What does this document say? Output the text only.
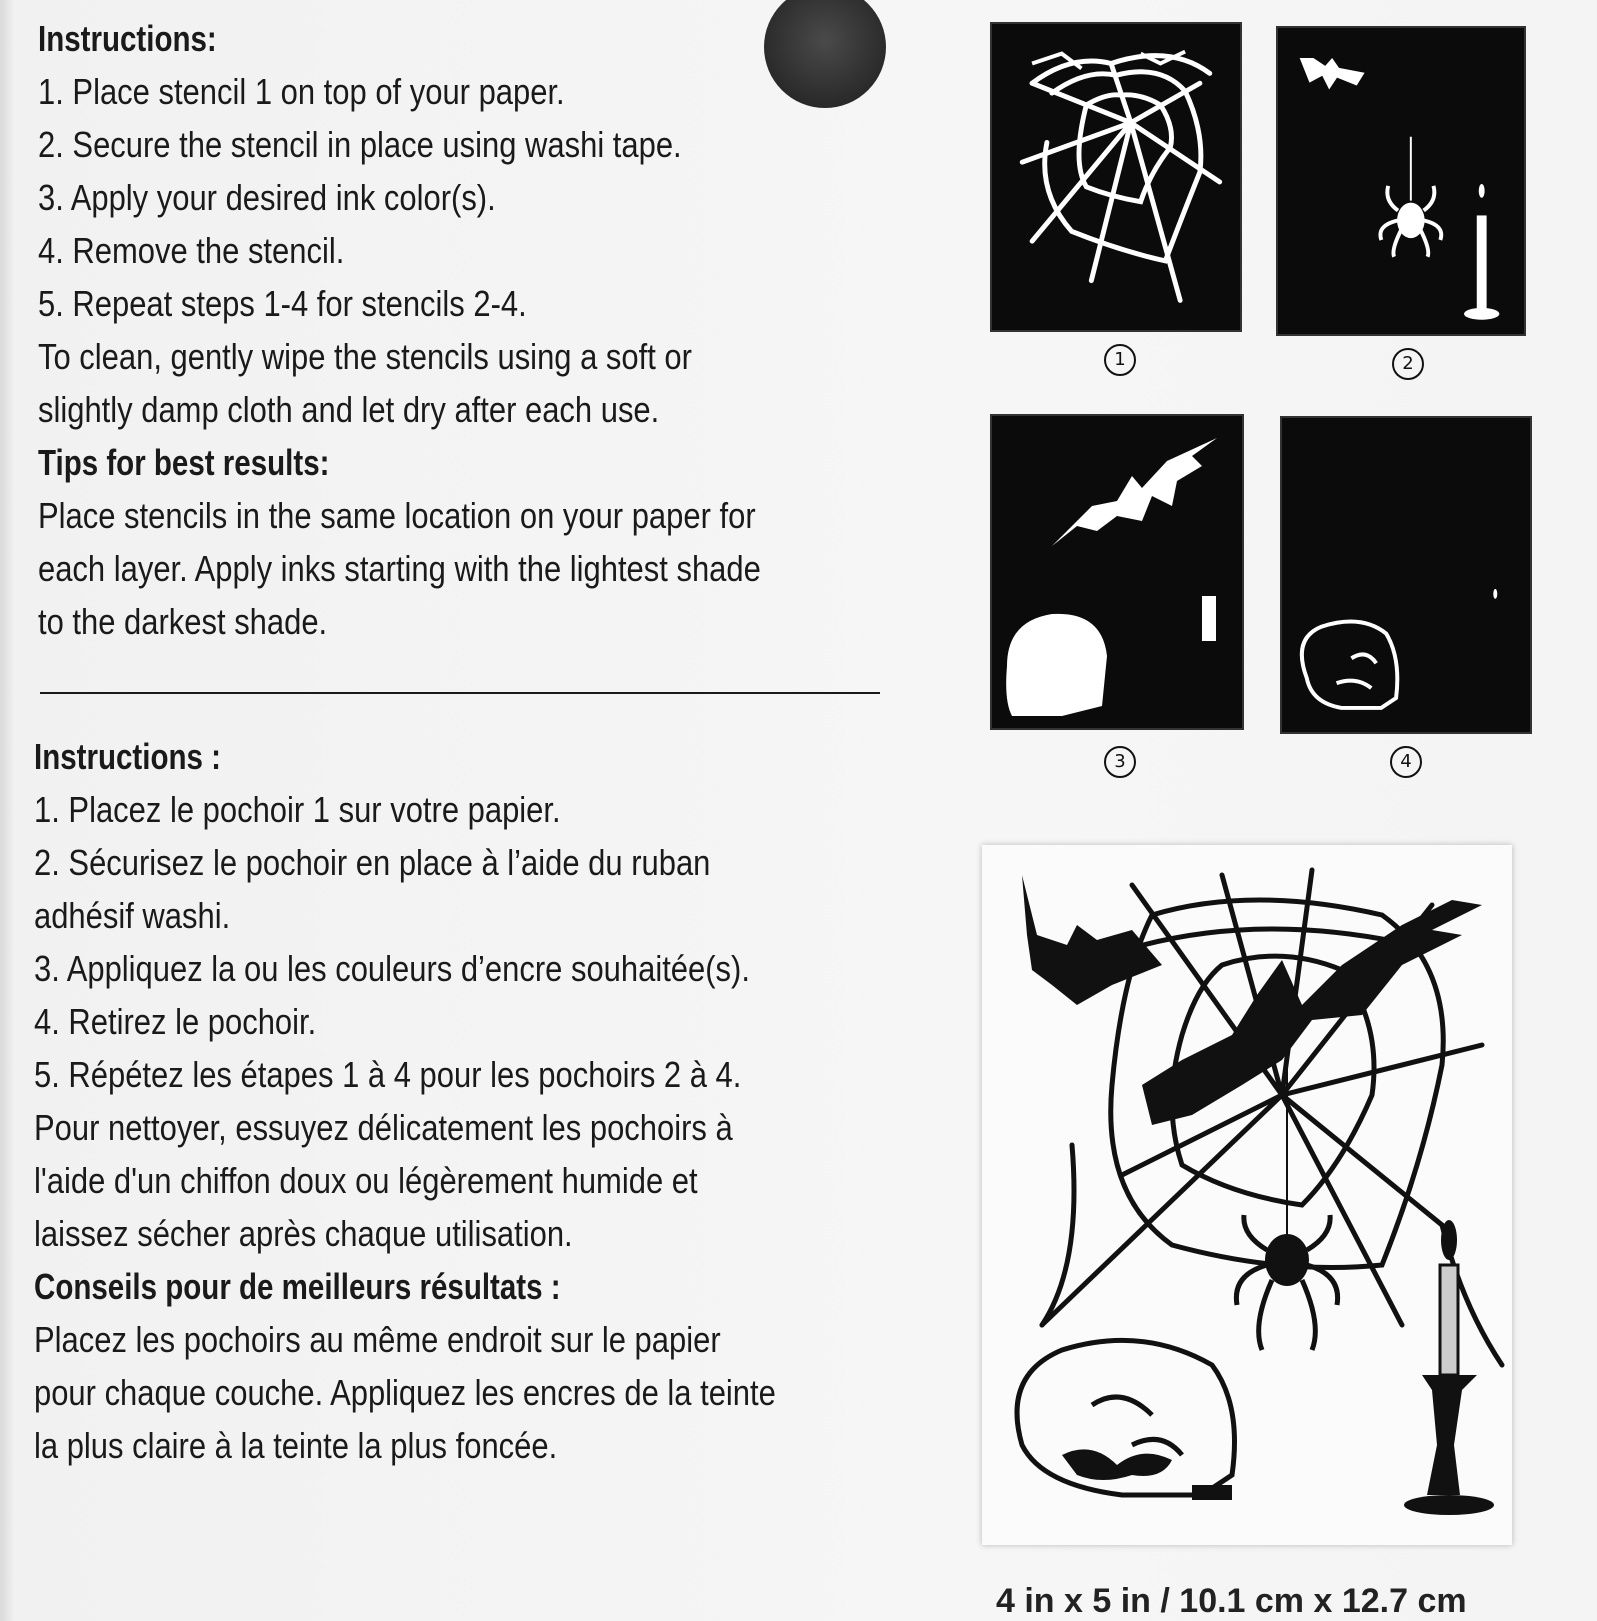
Instructions:

1. Place stencil 1 on top of your paper.

2. Secure the stencil in place using washi tape.

3. Apply your desired ink color(s).

4. Remove the stencil.

5. Repeat steps 1-4 for stencils 2-4.

To clean, gently wipe the stencils using a soft or

slightly damp cloth and let dry after each use.

Tips for best results:

Place stencils in the same location on your paper for

each layer. Apply inks starting with the lightest shade

to the darkest shade.

Instructions :

1. Placez le pochoir 1 sur votre papier.

2. Sécurisez le pochoir en place à l’aide du ruban

adhésif washi.

3. Appliquez la ou les couleurs d’encre souhaitée(s).

4. Retirez le pochoir.

5. Répétez les étapes 1 à 4 pour les pochoirs 2 à 4.

Pour nettoyer, essuyez délicatement les pochoirs à

l'aide d'un chiffon doux ou légèrement humide et

laissez sécher après chaque utilisation.

Conseils pour de meilleurs résultats :

Placez les pochoirs au même endroit sur le papier

pour chaque couche. Appliquez les encres de la teinte

la plus claire à la teinte la plus foncée.

1	2
3	4
4 in x 5 in / 10.1 cm x 12.7 cm
